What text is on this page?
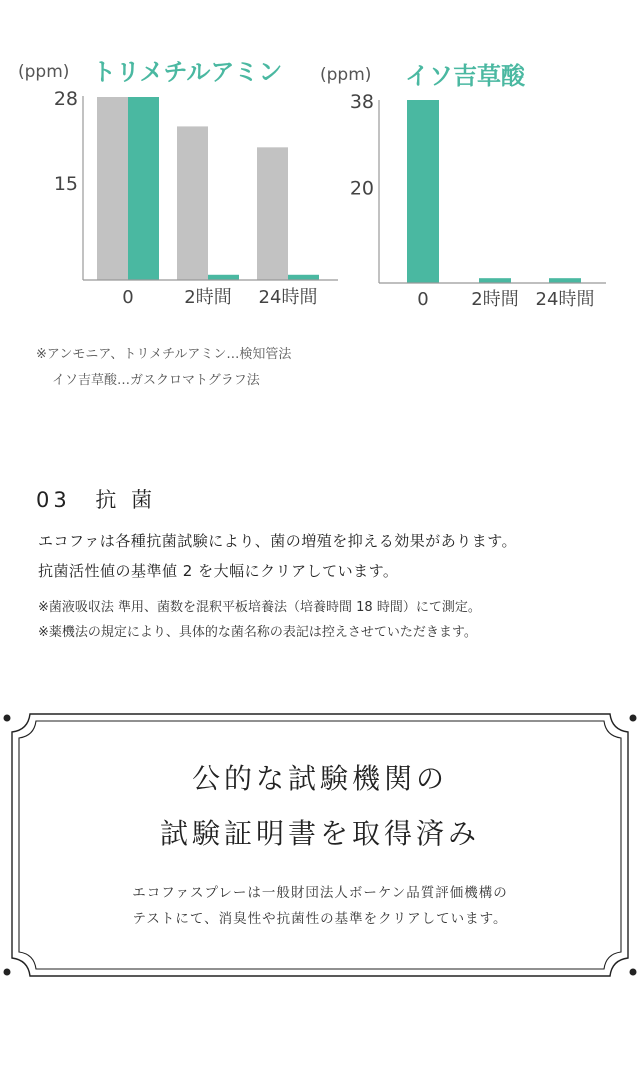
(ppm) トリメチルアミン
28
15
0	2時間 24時間
(ppm) イソ吉草酸
38
20
0 2時間 24時間
※アンモニア、トリメチルアミン…検知管法
イソ吉草酸…ガスクロマトグラフ法
03 抗 菌
エコファは各種抗菌試験により、菌の増殖を抑える効果があります。
抗菌活性値の基準値 2 を大幅にクリアしています。
※菌液吸収法 準用、菌数を混釈平板培養法（培養時間 18 時間）にて測定。
※薬機法の規定により、具体的な菌名称の表記は控えさせていただきます。
公的な試験機関の
試験証明書を取得済み
エコファスプレーは一般財団法人ボーケン品質評価機構の
テストにて、消臭性や抗菌性の基準をクリアしています。
